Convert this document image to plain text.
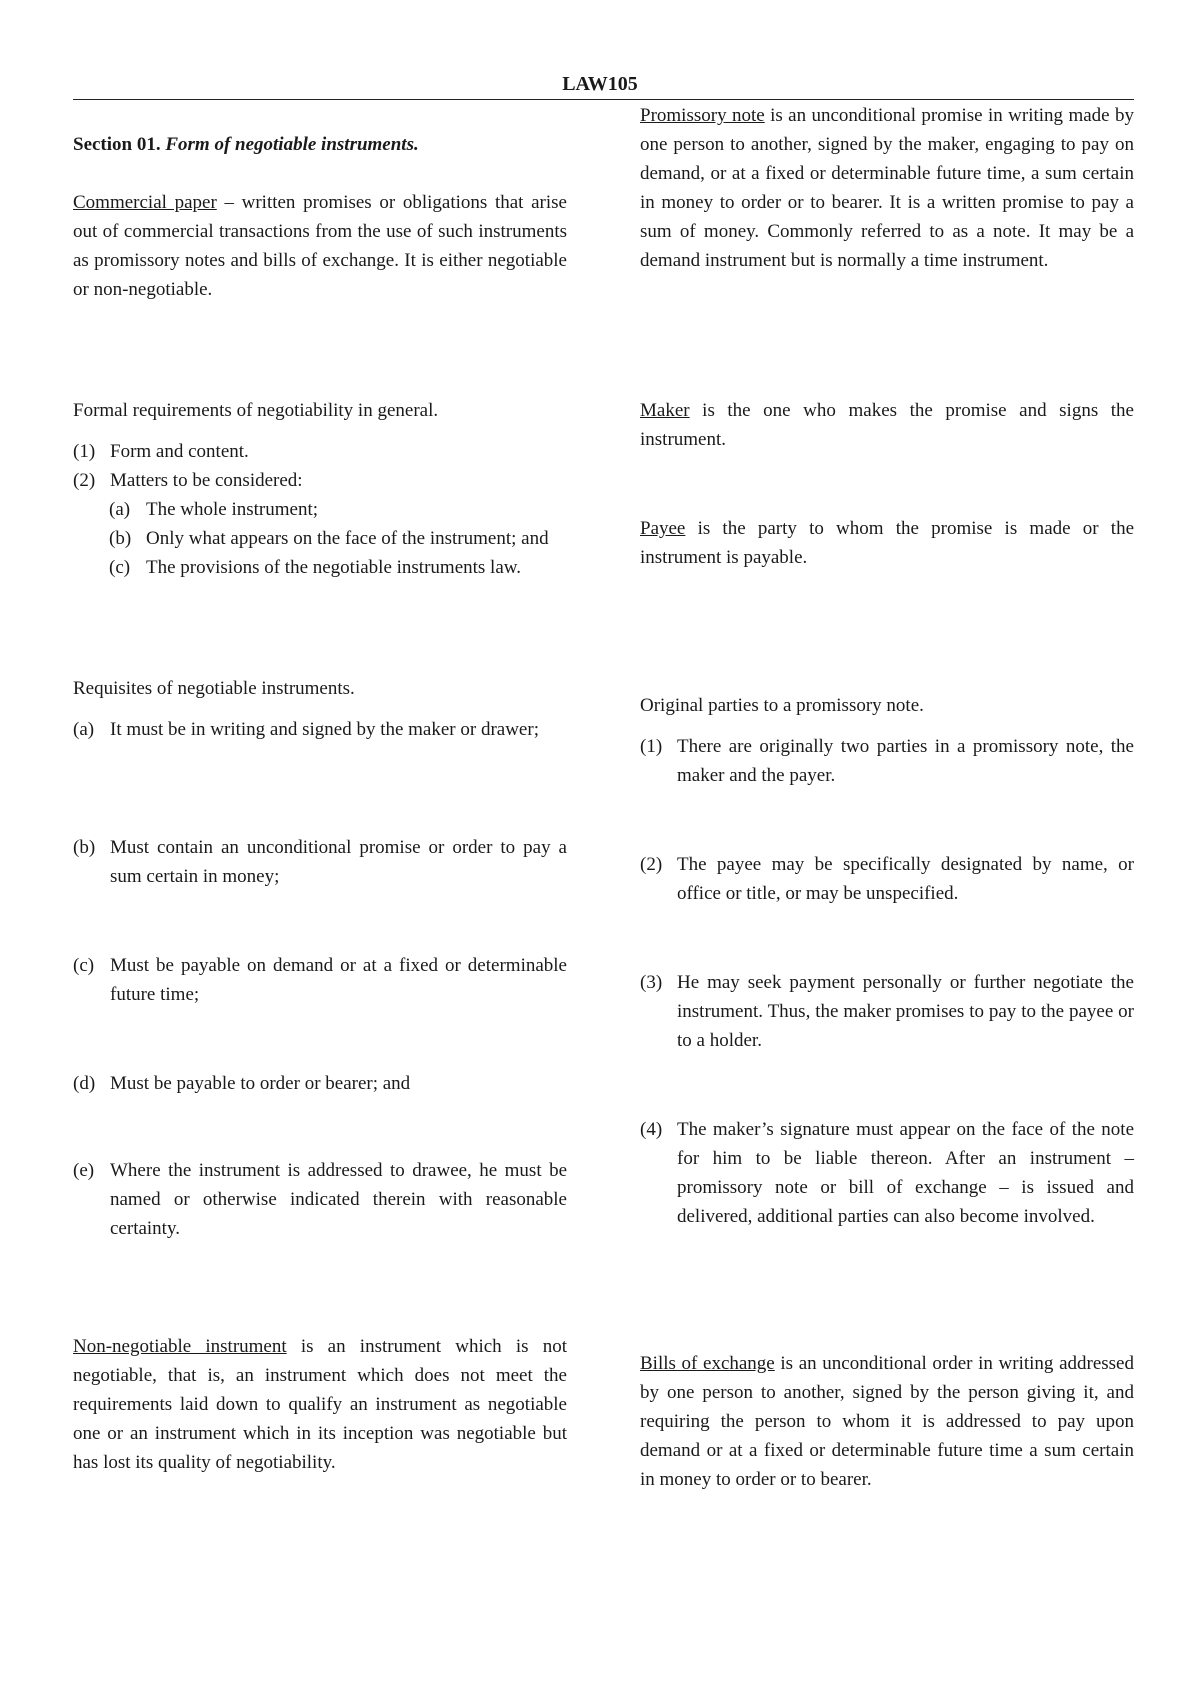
LAW105
Section 01. Form of negotiable instruments.
Commercial paper – written promises or obligations that arise out of commercial transactions from the use of such instruments as promissory notes and bills of exchange. It is either negotiable or non-negotiable.
Formal requirements of negotiability in general.
(1) Form and content.
(2) Matters to be considered:
(a) The whole instrument;
(b) Only what appears on the face of the instrument; and
(c) The provisions of the negotiable instruments law.
Requisites of negotiable instruments.
(a) It must be in writing and signed by the maker or drawer;
(b) Must contain an unconditional promise or order to pay a sum certain in money;
(c) Must be payable on demand or at a fixed or determinable future time;
(d) Must be payable to order or bearer; and
(e) Where the instrument is addressed to drawee, he must be named or otherwise indicated therein with reasonable certainty.
Non-negotiable instrument is an instrument which is not negotiable, that is, an instrument which does not meet the requirements laid down to qualify an instrument as negotiable one or an instrument which in its inception was negotiable but has lost its quality of negotiability.
Promissory note is an unconditional promise in writing made by one person to another, signed by the maker, engaging to pay on demand, or at a fixed or determinable future time, a sum certain in money to order or to bearer. It is a written promise to pay a sum of money. Commonly referred to as a note. It may be a demand instrument but is normally a time instrument.
Maker is the one who makes the promise and signs the instrument.
Payee is the party to whom the promise is made or the instrument is payable.
Original parties to a promissory note.
(1) There are originally two parties in a promissory note, the maker and the payer.
(2) The payee may be specifically designated by name, or office or title, or may be unspecified.
(3) He may seek payment personally or further negotiate the instrument. Thus, the maker promises to pay to the payee or to a holder.
(4) The maker’s signature must appear on the face of the note for him to be liable thereon. After an instrument – promissory note or bill of exchange – is issued and delivered, additional parties can also become involved.
Bills of exchange is an unconditional order in writing addressed by one person to another, signed by the person giving it, and requiring the person to whom it is addressed to pay upon demand or at a fixed or determinable future time a sum certain in money to order or to bearer.
